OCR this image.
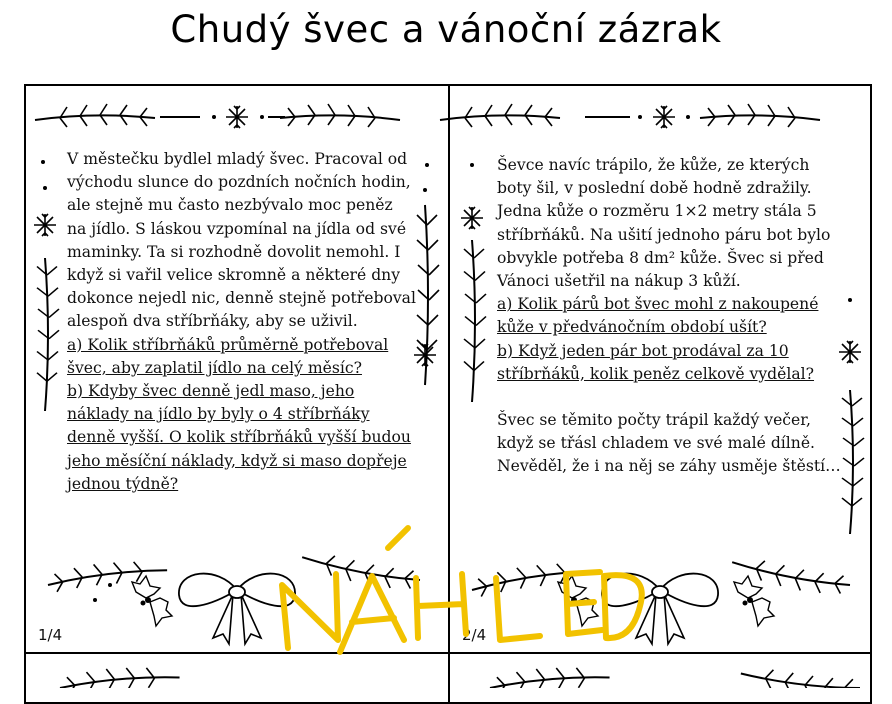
Chudý švec a vánoční zázrak

V městečku bydlel mladý švec. Pracoval od východu slunce do pozdních nočních hodin, ale stejně mu často nezbývalo moc peněz na jídlo. S láskou vzpomínal na jídla od své maminky. Ta si rozhodně dovolit nemohl. I když si vařil velice skromně a některé dny dokonce nejedl nic, denně stejně potřeboval alespoň dva stříbrňáky, aby se uživil.

a) Kolik stříbrňáků průměrně potřeboval švec, aby zaplatil jídlo na celý měsíc?

b) Kdyby švec denně jedl maso, jeho náklady na jídlo by byly o 4 stříbrňáky denně vyšší. O kolik stříbrňáků vyšší budou jeho měsíční náklady, když si maso dopřeje jednou týdně?

1/4

Ševce navíc trápilo, že kůže, ze kterých boty šil, v poslední době hodně zdražily. Jedna kůže o rozměru 1×2 metry stála 5 stříbrňáků. Na ušití jednoho páru bot bylo obvykle potřeba 8 dm² kůže. Švec si před Vánoci ušetřil na nákup 3 kůží.

a) Kolik párů bot švec mohl z nakoupené kůže v předvánočním období ušít?

b) Když jeden pár bot prodával za 10 stříbrňáků, kolik peněz celkově vydělal?

Švec se těmito počty trápil každý večer, když se třásl chladem ve své malé dílně. Nevěděl, že i na něj se záhy usměje štěstí…

2/4
